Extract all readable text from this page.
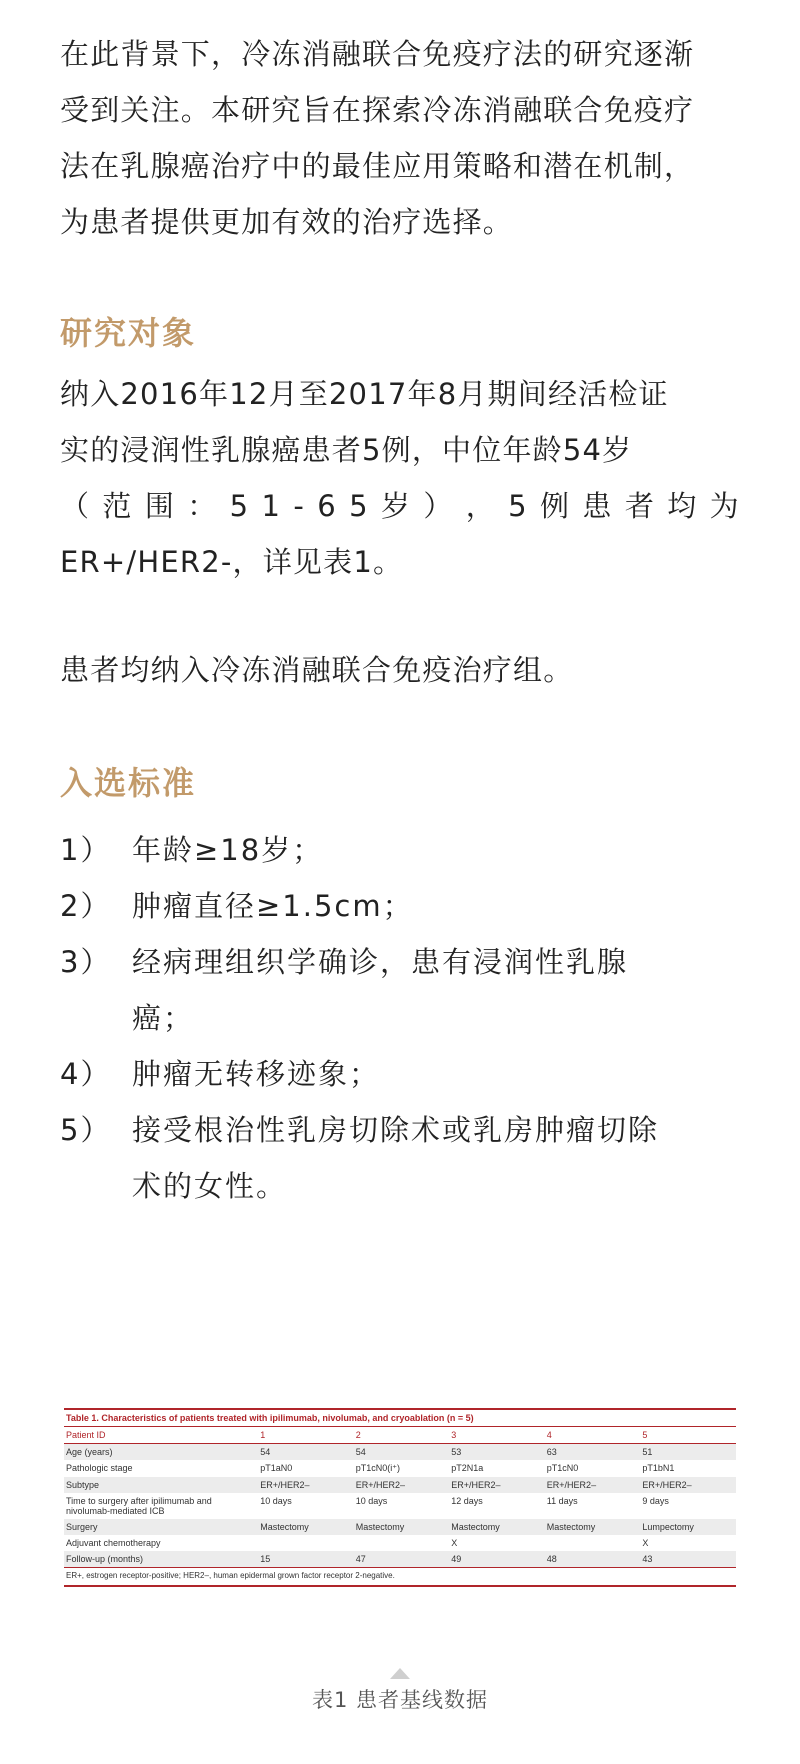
在此背景下，冷冻消融联合免疫疗法的研究逐渐
受到关注。本研究旨在探索冷冻消融联合免疫疗
法在乳腺癌治疗中的最佳应用策略和潜在机制，
为患者提供更加有效的治疗选择。
研究对象
纳入2016年12月至2017年8月期间经活检证
实的浸润性乳腺癌患者5例，中位年龄54岁
（ 范 围 ： 5 1 - 6 5 岁 ） ， 5 例 患 者 均 为
ER+/HER2-，详见表1。
患者均纳入冷冻消融联合免疫治疗组。
入选标准
1） 年龄≥18岁；
2） 肿瘤直径≥1.5cm；
3） 经病理组织学确诊，患有浸润性乳腺
癌；
4） 肿瘤无转移迹象；
5） 接受根治性乳房切除术或乳房肿瘤切除
术的女性。
Table 1. Characteristics of patients treated with ipilimumab, nivolumab, and cryoablation (n = 5)
Patient ID	1	2	3	4	5
Age (years)	54	54	53	63	51
Pathologic stage	pT1aN0	pT1cN0(i⁺)	pT2N1a	pT1cN0	pT1bN1
Subtype	ER+/HER2–	ER+/HER2–	ER+/HER2–	ER+/HER2–	ER+/HER2–
Time to surgery after ipilimumab and nivolumab-mediated ICB	10 days	10 days	12 days	11 days	9 days
Surgery	Mastectomy	Mastectomy	Mastectomy	Mastectomy	Lumpectomy
Adjuvant chemotherapy			X		X
Follow-up (months)	15	47	49	48	43
ER+, estrogen receptor-positive; HER2–, human epidermal grown factor receptor 2-negative.
表1 患者基线数据
